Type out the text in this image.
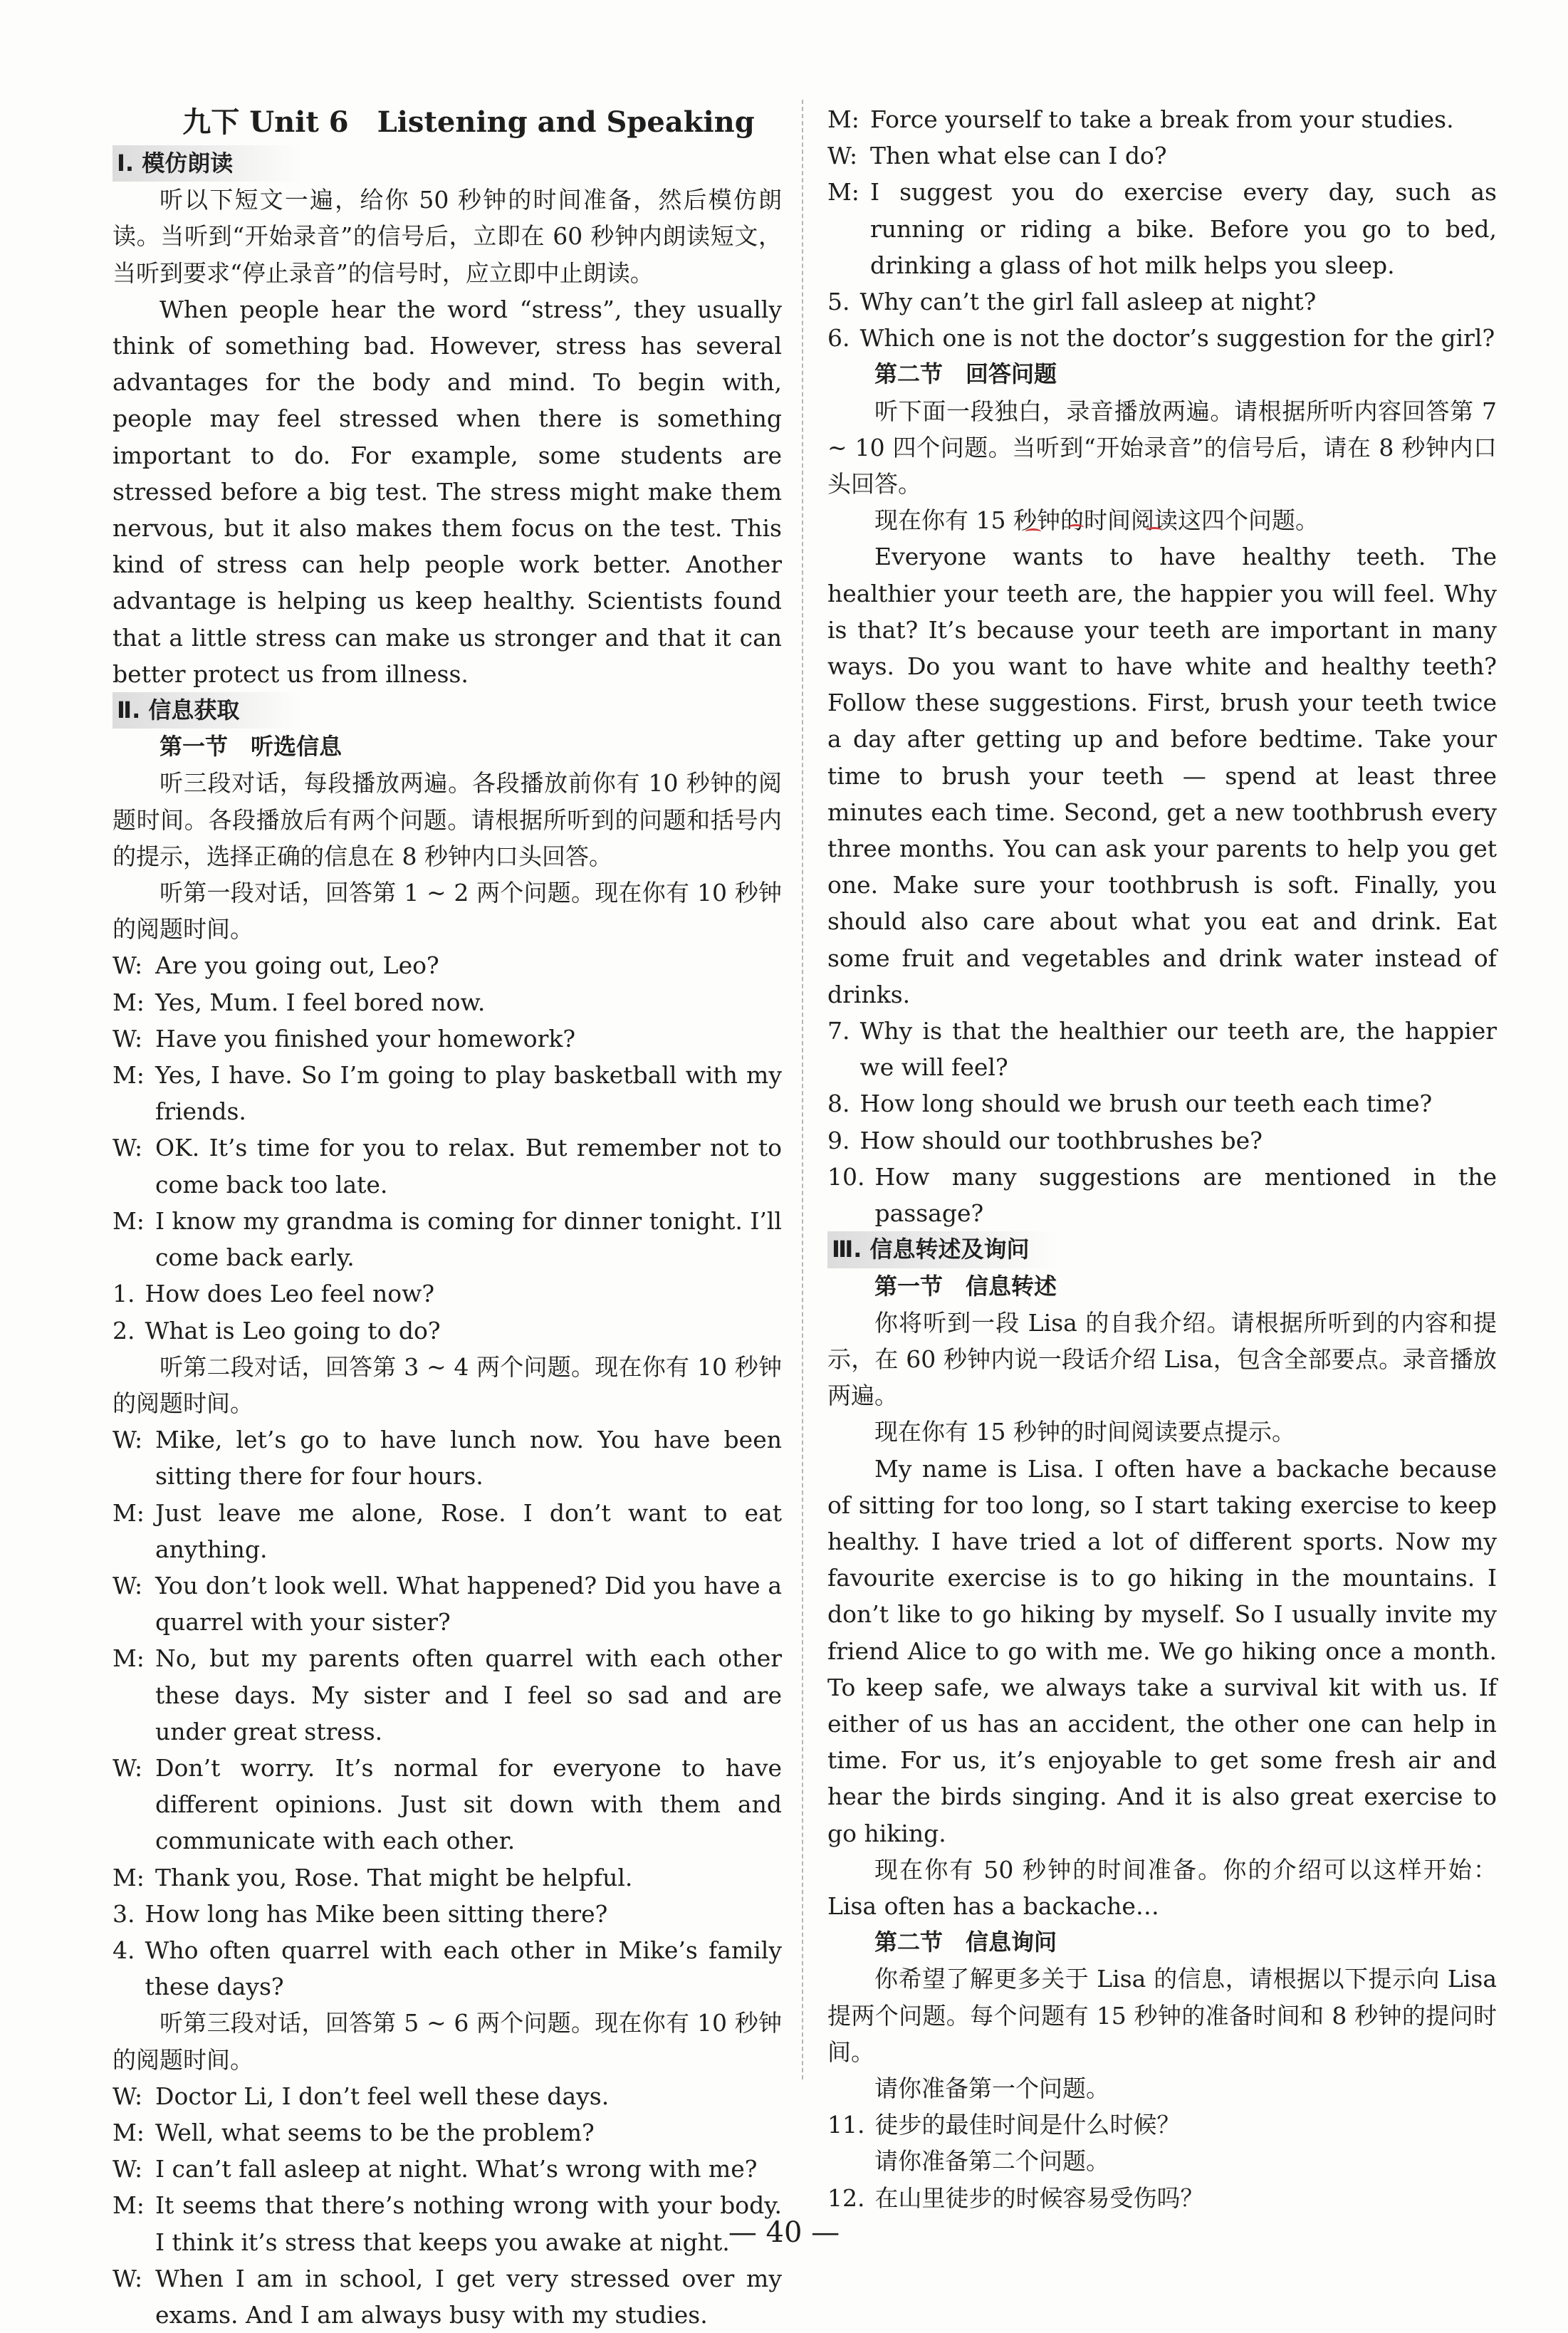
九下 Unit 6　Listening and Speaking
Ⅰ. 模仿朗读

听以下短文一遍，给你 50 秒钟的时间准备，然后模仿朗读。当听到“开始录音”的信号后，立即在 60 秒钟内朗读短文，当听到要求“停止录音”的信号时，应立即中止朗读。

When people hear the word “stress”, they usually think of something bad. However, stress has several advantages for the body and mind. To begin with, people may feel stressed when there is something important to do. For example, some students are stressed before a big test. The stress might make them nervous, but it also makes them focus on the test. This kind of stress can help people work better. Another advantage is helping us keep healthy. Scientists found that a little stress can make us stronger and that it can better protect us from illness.

Ⅱ. 信息获取
第一节　听选信息

听三段对话，每段播放两遍。各段播放前你有 10 秒钟的阅题时间。各段播放后有两个问题。请根据所听到的问题和括号内的提示，选择正确的信息在 8 秒钟内口头回答。

听第一段对话，回答第 1 ~ 2 两个问题。现在你有 10 秒钟的阅题时间。

W: Are you going out, Leo?
M: Yes, Mum. I feel bored now.
W: Have you finished your homework?
M: Yes, I have. So I’m going to play basketball with my friends.
W: OK. It’s time for you to relax. But remember not to come back too late.
M: I know my grandma is coming for dinner tonight. I’ll come back early.
1. How does Leo feel now?
2. What is Leo going to do?

听第二段对话，回答第 3 ~ 4 两个问题。现在你有 10 秒钟的阅题时间。

W: Mike, let’s go to have lunch now. You have been sitting there for four hours.
M: Just leave me alone, Rose. I don’t want to eat anything.
W: You don’t look well. What happened? Did you have a quarrel with your sister?
M: No, but my parents often quarrel with each other these days. My sister and I feel so sad and are under great stress.
W: Don’t worry. It’s normal for everyone to have different opinions. Just sit down with them and communicate with each other.
M: Thank you, Rose. That might be helpful.
3. How long has Mike been sitting there?
4. Who often quarrel with each other in Mike’s family these days?

听第三段对话，回答第 5 ~ 6 两个问题。现在你有 10 秒钟的阅题时间。

W: Doctor Li, I don’t feel well these days.
M: Well, what seems to be the problem?
W: I can’t fall asleep at night. What’s wrong with me?
M: It seems that there’s nothing wrong with your body. I think it’s stress that keeps you awake at night.
W: When I am in school, I get very stressed over my exams. And I am always busy with my studies.
M: Force yourself to take a break from your studies.
W: Then what else can I do?
M: I suggest you do exercise every day, such as running or riding a bike. Before you go to bed, drinking a glass of hot milk helps you sleep.
5. Why can’t the girl fall asleep at night?
6. Which one is not the doctor’s suggestion for the girl?
第二节　回答问题

听下面一段独白，录音播放两遍。请根据所听内容回答第 7 ~ 10 四个问题。当听到“开始录音”的信号后，请在 8 秒钟内口头回答。

现在你有 15 秒钟的时间阅读这四个问题。

Everyone wants to have healthy teeth. The healthier your teeth are, the happier you will feel. Why is that? It’s because your teeth are important in many ways. Do you want to have white and healthy teeth? Follow these suggestions. First, brush your teeth twice a day after getting up and before bedtime. Take your time to brush your teeth — spend at least three minutes each time. Second, get a new toothbrush every three months. You can ask your parents to help you get one. Make sure your toothbrush is soft. Finally, you should also care about what you eat and drink. Eat some fruit and vegetables and drink water instead of drinks.

7. Why is that the healthier our teeth are, the happier we will feel?
8. How long should we brush our teeth each time?
9. How should our toothbrushes be?
10. How many suggestions are mentioned in the passage?
Ⅲ. 信息转述及询问
第一节　信息转述

你将听到一段 Lisa 的自我介绍。请根据所听到的内容和提示，在 60 秒钟内说一段话介绍 Lisa，包含全部要点。录音播放两遍。

现在你有 15 秒钟的时间阅读要点提示。

My name is Lisa. I often have a backache because of sitting for too long, so I start taking exercise to keep healthy. I have tried a lot of different sports. Now my favourite exercise is to go hiking in the mountains. I don’t like to go hiking by myself. So I usually invite my friend Alice to go with me. We go hiking once a month. To keep safe, we always take a survival kit with us. If either of us has an accident, the other one can help in time. For us, it’s enjoyable to get some fresh air and hear the birds singing. And it is also great exercise to go hiking.

现在你有 50 秒钟的时间准备。你的介绍可以这样开始：Lisa often has a backache…

第二节　信息询问

你希望了解更多关于 Lisa 的信息，请根据以下提示向 Lisa 提两个问题。每个问题有 15 秒钟的准备时间和 8 秒钟的提问时间。

请你准备第一个问题。
11. 徒步的最佳时间是什么时候？
请你准备第二个问题。
12. 在山里徒步的时候容易受伤吗？
— 40 —
